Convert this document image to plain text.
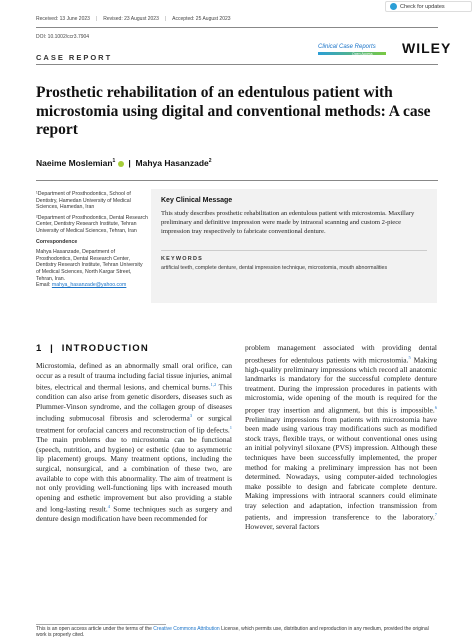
Check for updates
Received: 13 June 2023 | Revised: 23 August 2023 | Accepted: 25 August 2023
DOI: 10.1002/ccr3.7904
Clinical Case Reports
Open Access WILEY
CASE REPORT
Prosthetic rehabilitation of an edentulous patient with microstomia using digital and conventional methods: A case report
Naeime Moslemian$^1$ | Mahya Hasanzade$^2$

¹Department of Prosthodontics, School of Dentistry, Hamedan University of Medical Sciences, Hamedan, Iran

²Department of Prosthodontics, Dental Research Center, Dentistry Research Institute, Tehran University of Medical Sciences, Tehran, Iran

Correspondence

Mahya Hasanzade, Department of Prosthodontics, Dental Research Center, Dentistry Research Institute, Tehran University of Medical Sciences, North Kargar Street, Tehran, Iran.

Email: mahya_hasanzade@yahoo.com

Key Clinical Message
This study describes prosthetic rehabilitation an edentulous patient with microstomia. Maxillary preliminary and definitive impression were made by intraoral scanning and custom 2-piece impression tray respectively to fabricate conventional denture.
KEYWORDS
artificial teeth, complete denture, dental impression technique, microstomia, mouth abnormalities
1 | INTRODUCTION
Microstomia, defined as an abnormally small oral orifice, can occur as a result of trauma including facial tissue injuries, animal bites, electrical and thermal lesions, and chemical burns.$^{1,2}$ This condition can also arise from genetic disorders, diseases such as Plummer-Vinson syndrome, and the collagen group of diseases including submucosal fibrosis and scleroderma$^3$ or surgical treatment for orofacial cancers and reconstruction of lip defects.$^1$ The main problems due to microstomia can be functional (speech, nutrition, and hygiene) or esthetic (due to asymmetric lip placement) groups. Many treatment options, including the surgical, nonsurgical, and a combination of these two, are available to cope with this abnormality. The aim of treatment is not only providing well-functioning lips with increased mouth opening and esthetic improvement but also providing a stable and long-lasting result.$^4$ Some techniques such as surgery and denture design modification have been recommended for
problem management associated with providing dental prostheses for edentulous patients with microstomia.$^5$ Making high-quality preliminary impressions which record all anatomic landmarks is mandatory for the successful complete denture treatment. During the impression procedures in patients with microstomia, wide opening of the mouth is required for the proper tray insertion and alignment, but this is impossible.$^6$ Preliminary impressions from patients with microstomia have been made using various tray modifications such as modified stock trays, flexible trays, or without conventional ones using an initial polyvinyl siloxane (PVS) impression. Although these techniques have been successfully implemented, the proper method for making a preliminary impression has not been determined. Nowadays, using computer-aided technologies make possible to design and fabricate complete denture. Making impressions with intraoral scanners could eliminate tray selection and adaptation, infection transmission from patients, and impression transference to the laboratory.$^7$ However, several factors
This is an open access article under the terms of the Creative Commons Attribution License, which permits use, distribution and reproduction in any medium, provided the original work is properly cited.
